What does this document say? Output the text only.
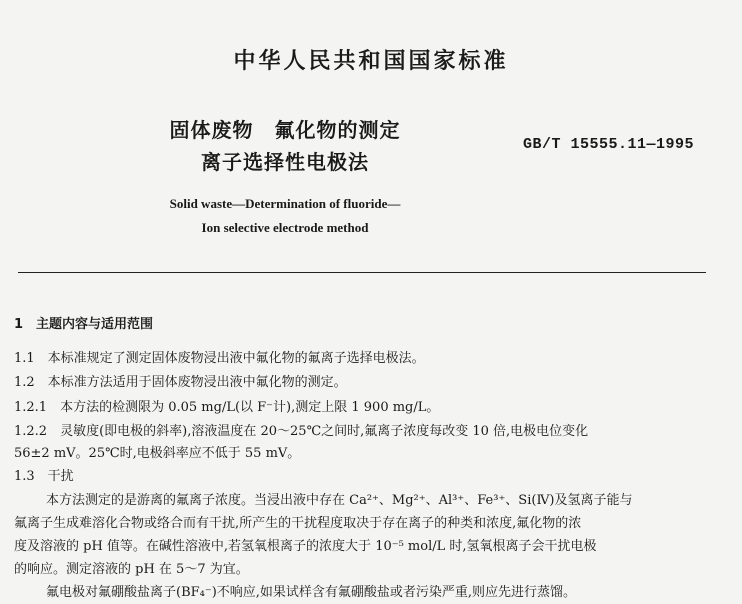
中华人民共和国国家标准
固体废物　氟化物的测定
离子选择性电极法
GB/T 15555.11—1995
Solid waste—Determination of fluoride—
Ion selective electrode method
1　主题内容与适用范围
1.1　本标准规定了测定固体废物浸出液中氟化物的氟离子选择电极法。
1.2　本标准方法适用于固体废物浸出液中氟化物的测定。
1.2.1　本方法的检测限为 0.05 mg/L(以 F⁻计),测定上限 1 900 mg/L。
1.2.2　灵敏度(即电极的斜率),溶液温度在 20～25℃之间时,氟离子浓度每改变 10 倍,电极电位变化
56±2 mV。25℃时,电极斜率应不低于 55 mV。
1.3　干扰
本方法测定的是游离的氟离子浓度。当浸出液中存在 Ca²⁺、Mg²⁺、Al³⁺、Fe³⁺、Si(Ⅳ)及氢离子能与
氟离子生成难溶化合物或络合而有干扰,所产生的干扰程度取决于存在离子的种类和浓度,氟化物的浓
度及溶液的 pH 值等。在碱性溶液中,若氢氧根离子的浓度大于 10⁻⁵ mol/L 时,氢氧根离子会干扰电极
的响应。测定溶液的 pH 在 5～7 为宜。
氟电极对氟硼酸盐离子(BF₄⁻)不响应,如果试样含有氟硼酸盐或者污染严重,则应先进行蒸馏。
